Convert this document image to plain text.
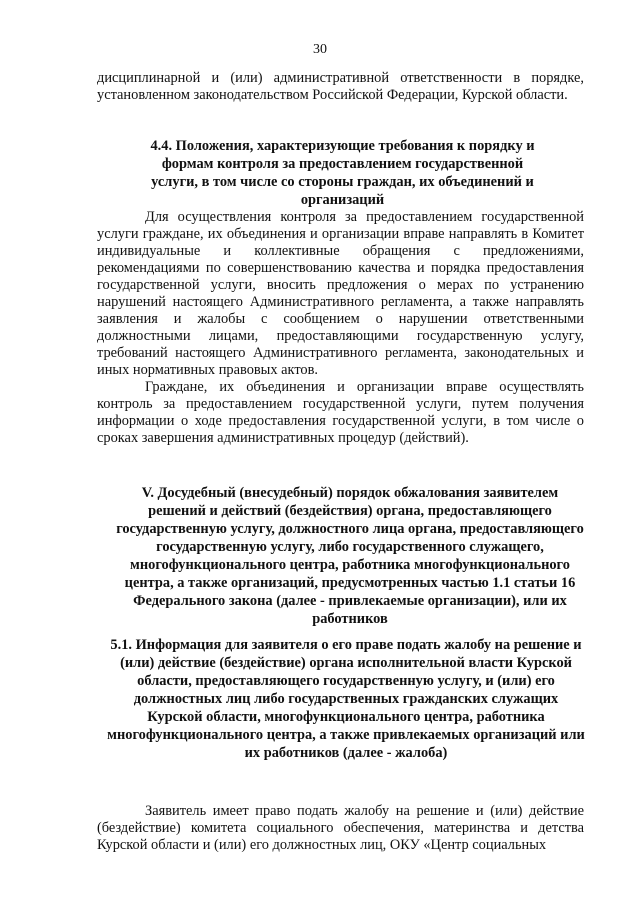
30

дисциплинарной и (или) административной ответственности в порядке, установленном законодательством Российской Федерации, Курской области.

4.4. Положения, характеризующие требования к порядку и формам контроля за предоставлением государственной услуги, в том числе со стороны граждан, их объединений и организаций

Для осуществления контроля за предоставлением государственной услуги граждане, их объединения и организации вправе направлять в Комитет индивидуальные и коллективные обращения с предложениями, рекомендациями по совершенствованию качества и порядка предоставления государственной услуги, вносить предложения о мерах по устранению нарушений настоящего Административного регламента, а также направлять заявления и жалобы с сообщением о нарушении ответственными должностными лицами, предоставляющими государственную услугу, требований настоящего Административного регламента, законодательных и иных нормативных правовых актов.

Граждане, их объединения и организации вправе осуществлять контроль за предоставлением государственной услуги, путем получения информации о ходе предоставления государственной услуги, в том числе о сроках завершения административных процедур (действий).

V. Досудебный (внесудебный) порядок обжалования заявителем решений и действий (бездействия) органа, предоставляющего государственную услугу, должностного лица органа, предоставляющего государственную услугу, либо государственного служащего, многофункционального центра, работника многофункционального центра, а также организаций, предусмотренных частью 1.1 статьи 16 Федерального закона (далее - привлекаемые организации), или их работников
5.1. Информация для заявителя о его праве подать жалобу на решение и (или) действие (бездействие) органа исполнительной власти Курской области, предоставляющего государственную услугу, и (или) его должностных лиц либо государственных гражданских служащих Курской области, многофункционального центра, работника многофункционального центра, а также привлекаемых организаций или их работников (далее - жалоба)

Заявитель имеет право подать жалобу на решение и (или) действие (бездействие) комитета социального обеспечения, материнства и детства Курской области и (или) его должностных лиц, ОКУ «Центр социальных
